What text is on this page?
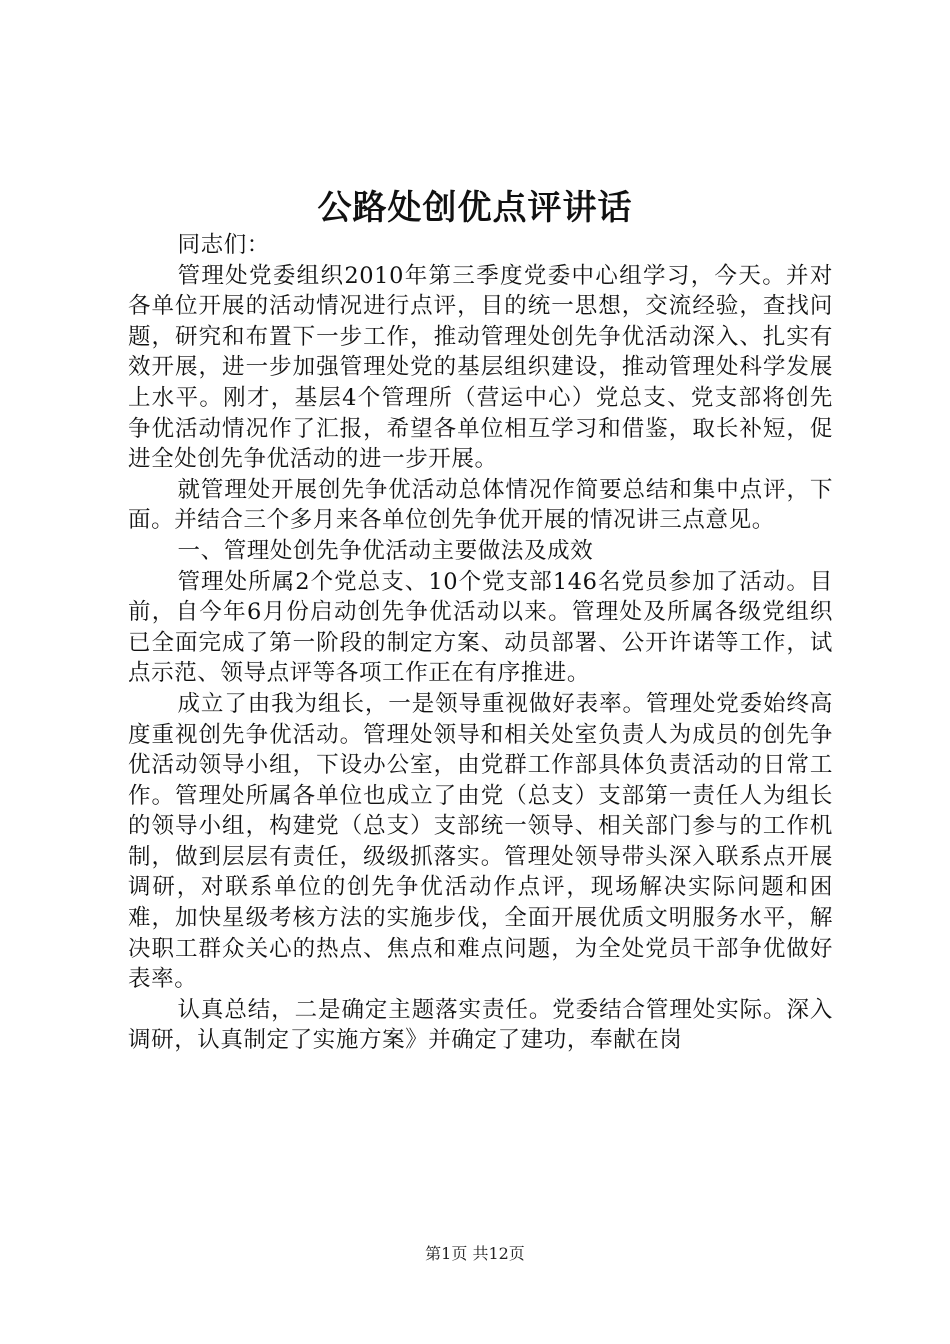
公路处创优点评讲话

同志们：

管理处党委组织2010年第三季度党委中心组学习，今天。并对各单位开展的活动情况进行点评，目的统一思想，交流经验，查找问题，研究和布置下一步工作，推动管理处创先争优活动深入、扎实有效开展，进一步加强管理处党的基层组织建设，推动管理处科学发展上水平。刚才，基层4个管理所（营运中心）党总支、党支部将创先争优活动情况作了汇报，希望各单位相互学习和借鉴，取长补短，促进全处创先争优活动的进一步开展。

就管理处开展创先争优活动总体情况作简要总结和集中点评，下面。并结合三个多月来各单位创先争优开展的情况讲三点意见。

一、管理处创先争优活动主要做法及成效

管理处所属2个党总支、10个党支部146名党员参加了活动。目前，自今年6月份启动创先争优活动以来。管理处及所属各级党组织已全面完成了第一阶段的制定方案、动员部署、公开许诺等工作，试点示范、领导点评等各项工作正在有序推进。

成立了由我为组长，一是领导重视做好表率。管理处党委始终高度重视创先争优活动。管理处领导和相关处室负责人为成员的创先争优活动领导小组，下设办公室，由党群工作部具体负责活动的日常工作。管理处所属各单位也成立了由党（总支）支部第一责任人为组长的领导小组，构建党（总支）支部统一领导、相关部门参与的工作机制，做到层层有责任，级级抓落实。管理处领导带头深入联系点开展调研，对联系单位的创先争优活动作点评，现场解决实际问题和困难，加快星级考核方法的实施步伐，全面开展优质文明服务水平，解决职工群众关心的热点、焦点和难点问题，为全处党员干部争优做好表率。

认真总结，二是确定主题落实责任。党委结合管理处实际。深入调研，认真制定了实施方案》并确定了建功，奉献在岗

第1页 共12页
